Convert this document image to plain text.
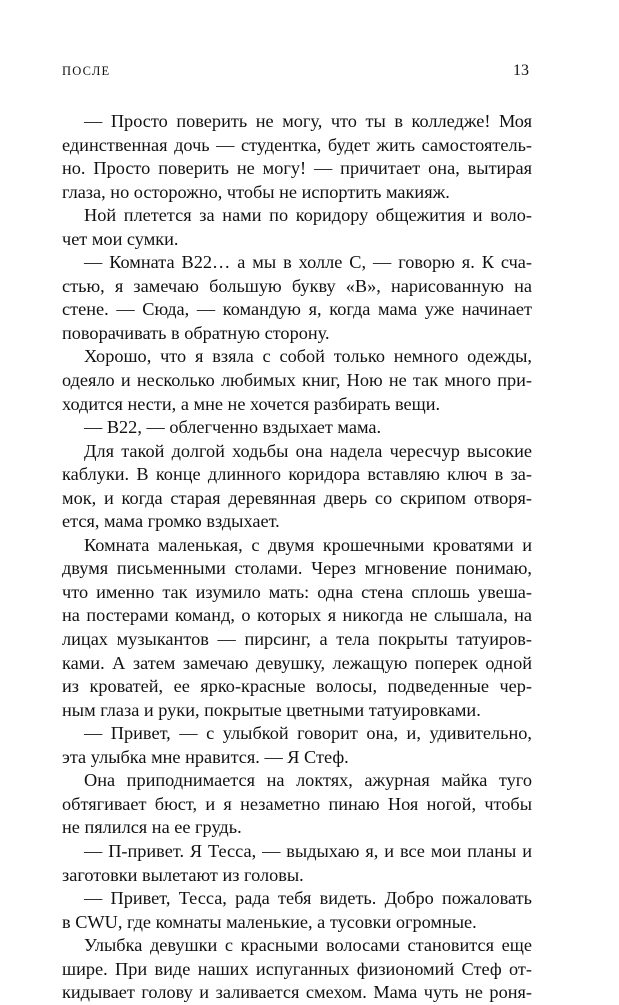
ПОСЛЕ	13
— Просто поверить не могу, что ты в колледже! Моя
единственная дочь — студентка, будет жить самостоятель-
но. Просто поверить не могу! — причитает она, вытирая
глаза, но осторожно, чтобы не испортить макияж.
Ной плетется за нами по коридору общежития и воло-
чет мои сумки.
— Комната B22… а мы в холле C, — говорю я. К сча-
стью, я замечаю большую букву «B», нарисованную на
стене. — Сюда, — командую я, когда мама уже начинает
поворачивать в обратную сторону.
Хорошо, что я взяла с собой только немного одежды,
одеяло и несколько любимых книг, Ною не так много при-
ходится нести, а мне не хочется разбирать вещи.
— B22, — облегченно вздыхает мама.
Для такой долгой ходьбы она надела чересчур высокие
каблуки. В конце длинного коридора вставляю ключ в за-
мок, и когда старая деревянная дверь со скрипом отворя-
ется, мама громко вздыхает.
Комната маленькая, с двумя крошечными кроватями и
двумя письменными столами. Через мгновение понимаю,
что именно так изумило мать: одна стена сплошь увеша-
на постерами команд, о которых я никогда не слышала, на
лицах музыкантов — пирсинг, а тела покрыты татуиров-
ками. А затем замечаю девушку, лежащую поперек одной
из кроватей, ее ярко-красные волосы, подведенные чер-
ным глаза и руки, покрытые цветными татуировками.
— Привет, — с улыбкой говорит она, и, удивительно,
эта улыбка мне нравится. — Я Стеф.
Она приподнимается на локтях, ажурная майка туго
обтягивает бюст, и я незаметно пинаю Ноя ногой, чтобы
не пялился на ее грудь.
— П-привет. Я Тесса, — выдыхаю я, и все мои планы и
заготовки вылетают из головы.
— Привет, Тесса, рада тебя видеть. Добро пожаловать
в CWU, где комнаты маленькие, а тусовки огромные.
Улыбка девушки с красными волосами становится еще
шире. При виде наших испуганных физиономий Стеф от-
кидывает голову и заливается смехом. Мама чуть не роня-
